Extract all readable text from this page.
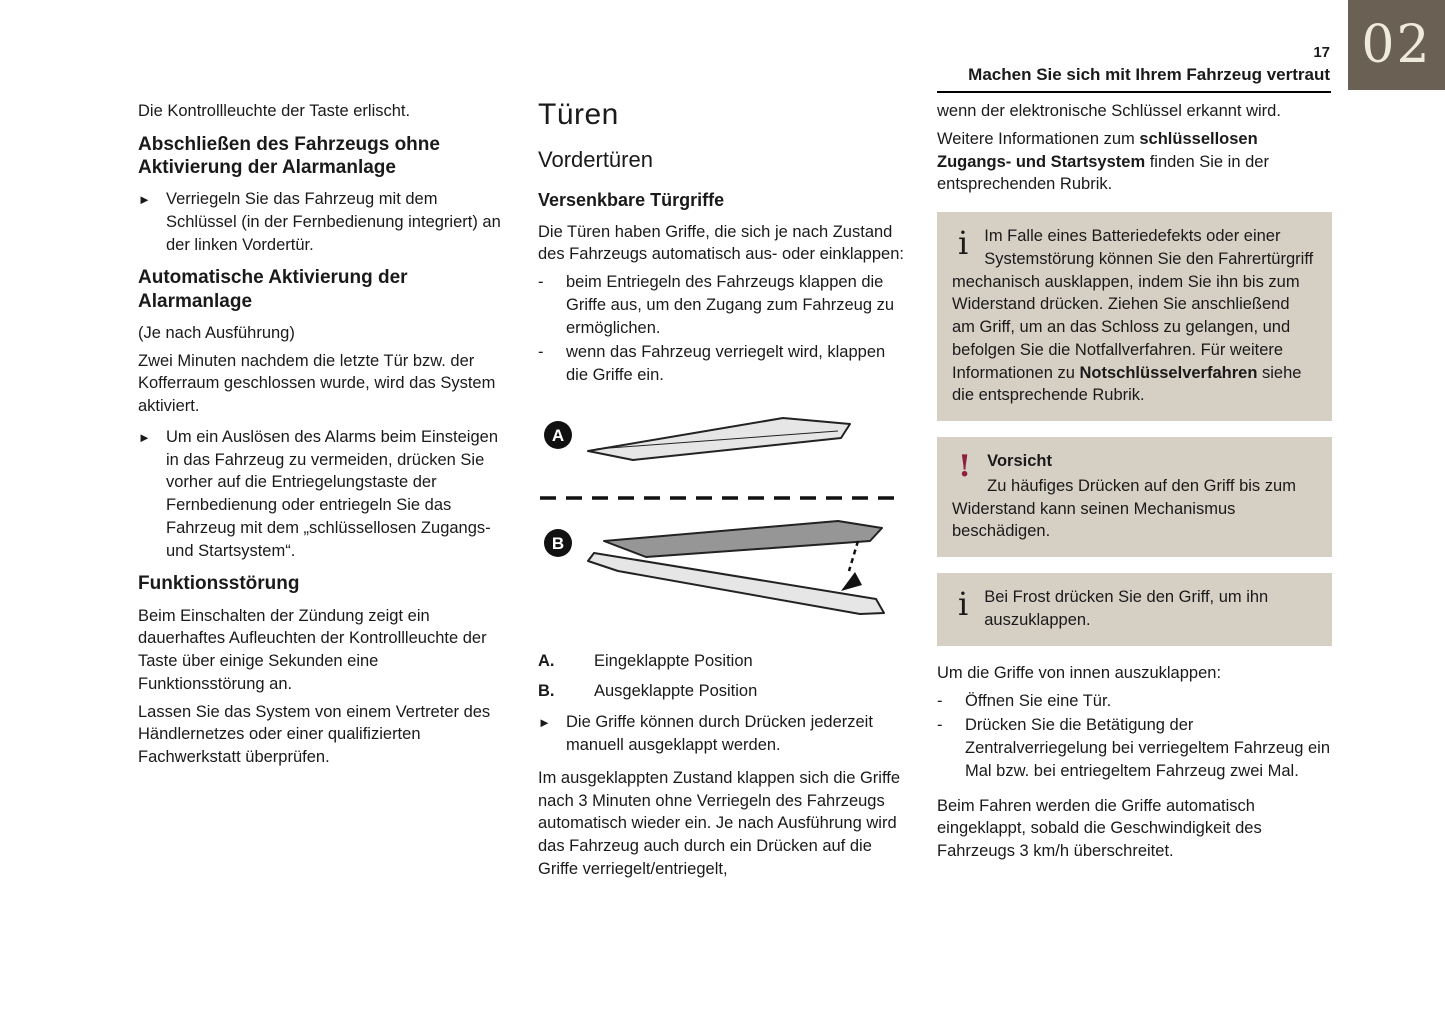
02
17
Machen Sie sich mit Ihrem Fahrzeug vertraut

Die Kontrollleuchte der Taste erlischt.

Abschließen des Fahrzeugs ohne Aktivierung der Alarmanlage
► Verriegeln Sie das Fahrzeug mit dem Schlüssel (in der Fernbedienung integriert) an der linken Vordertür.
Automatische Aktivierung der Alarmanlage

(Je nach Ausführung)

Zwei Minuten nachdem die letzte Tür bzw. der Kofferraum geschlossen wurde, wird das System aktiviert.

► Um ein Auslösen des Alarms beim Einsteigen in das Fahrzeug zu vermeiden, drücken Sie vorher auf die Entriegelungstaste der Fernbedienung oder entriegeln Sie das Fahrzeug mit dem „schlüssellosen Zugangs- und Startsystem“.
Funktionsstörung

Beim Einschalten der Zündung zeigt ein dauerhaftes Aufleuchten der Kontrollleuchte der Taste über einige Sekunden eine Funktionsstörung an.

Lassen Sie das System von einem Vertreter des Händlernetzes oder einer qualifizierten Fachwerkstatt überprüfen.

Türen
Vordertüren
Versenkbare Türgriffe

Die Türen haben Griffe, die sich je nach Zustand des Fahrzeugs automatisch aus- oder einklappen:

-	beim Entriegeln des Fahrzeugs klappen die Griffe aus, um den Zugang zum Fahrzeug zu ermöglichen.
-	wenn das Fahrzeug verriegelt wird, klappen die Griffe ein.
A
B
A.	Eingeklappte Position
B.	Ausgeklappte Position
► Die Griffe können durch Drücken jederzeit manuell ausgeklappt werden.

Im ausgeklappten Zustand klappen sich die Griffe nach 3 Minuten ohne Verriegeln des Fahrzeugs automatisch wieder ein. Je nach Ausführung wird das Fahrzeug auch durch ein Drücken auf die Griffe verriegelt/entriegelt,

wenn der elektronische Schlüssel erkannt wird.

Weitere Informationen zum schlüssellosen Zugangs- und Startsystem finden Sie in der entsprechenden Rubrik.

i Im Falle eines Batteriedefekts oder einer Systemstörung können Sie den Fahrertürgriff mechanisch ausklappen, indem Sie ihn bis zum Widerstand drücken. Ziehen Sie anschließend am Griff, um an das Schloss zu gelangen, und befolgen Sie die Notfallverfahren. Für weitere Informationen zu Notschlüsselverfahren siehe die entsprechende Rubrik.
! Vorsicht

Zu häufiges Drücken auf den Griff bis zum Widerstand kann seinen Mechanismus beschädigen.
i Bei Frost drücken Sie den Griff, um ihn auszuklappen.

Um die Griffe von innen auszuklappen:

-	Öffnen Sie eine Tür.
-	Drücken Sie die Betätigung der Zentralverriegelung bei verriegeltem Fahrzeug ein Mal bzw. bei entriegeltem Fahrzeug zwei Mal.

Beim Fahren werden die Griffe automatisch eingeklappt, sobald die Geschwindigkeit des Fahrzeugs 3 km/h überschreitet.
